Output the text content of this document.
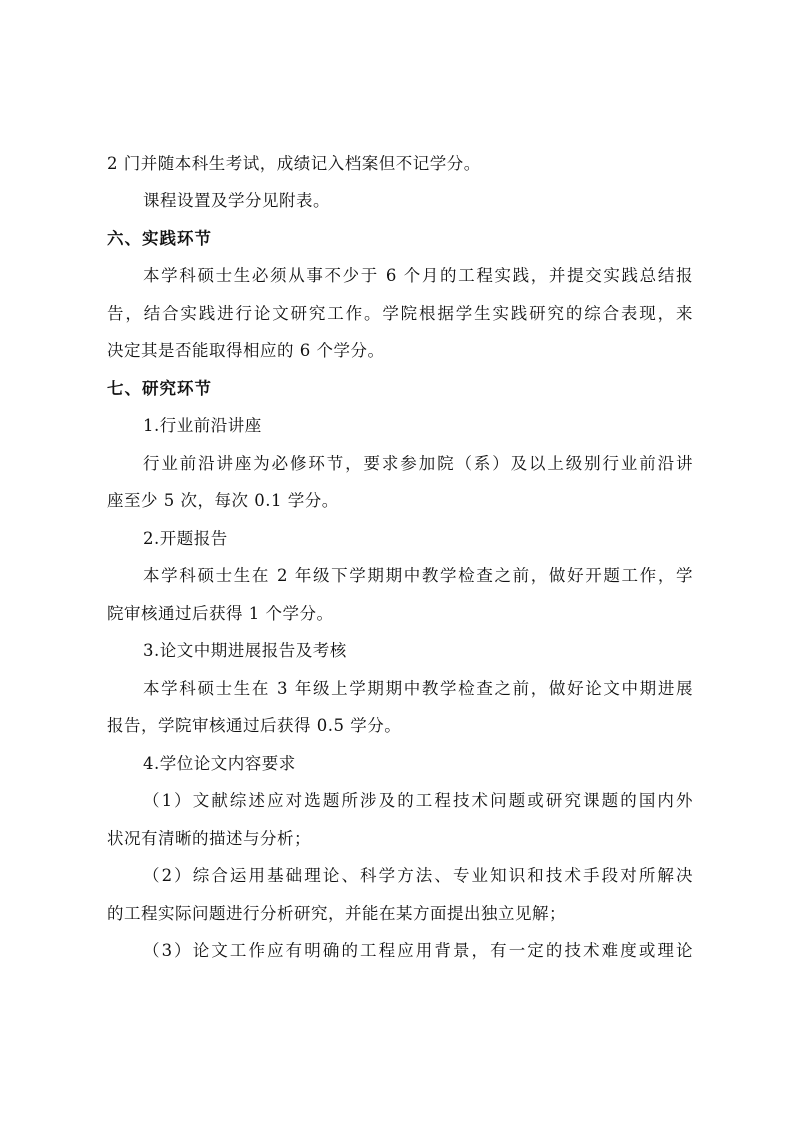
2 门并随本科生考试，成绩记入档案但不记学分。
课程设置及学分见附表。
六、实践环节
本学科硕士生必须从事不少于 6 个月的工程实践，并提交实践总结报
告，结合实践进行论文研究工作。学院根据学生实践研究的综合表现，来
决定其是否能取得相应的 6 个学分。
七、研究环节
1.行业前沿讲座
行业前沿讲座为必修环节，要求参加院（系）及以上级别行业前沿讲
座至少 5 次，每次 0.1 学分。
2.开题报告
本学科硕士生在 2 年级下学期期中教学检查之前，做好开题工作，学
院审核通过后获得 1 个学分。
3.论文中期进展报告及考核
本学科硕士生在 3 年级上学期期中教学检查之前，做好论文中期进展
报告，学院审核通过后获得 0.5 学分。
4.学位论文内容要求
（1）文献综述应对选题所涉及的工程技术问题或研究课题的国内外
状况有清晰的描述与分析；
（2）综合运用基础理论、科学方法、专业知识和技术手段对所解决
的工程实际问题进行分析研究，并能在某方面提出独立见解；
（3）论文工作应有明确的工程应用背景，有一定的技术难度或理论
